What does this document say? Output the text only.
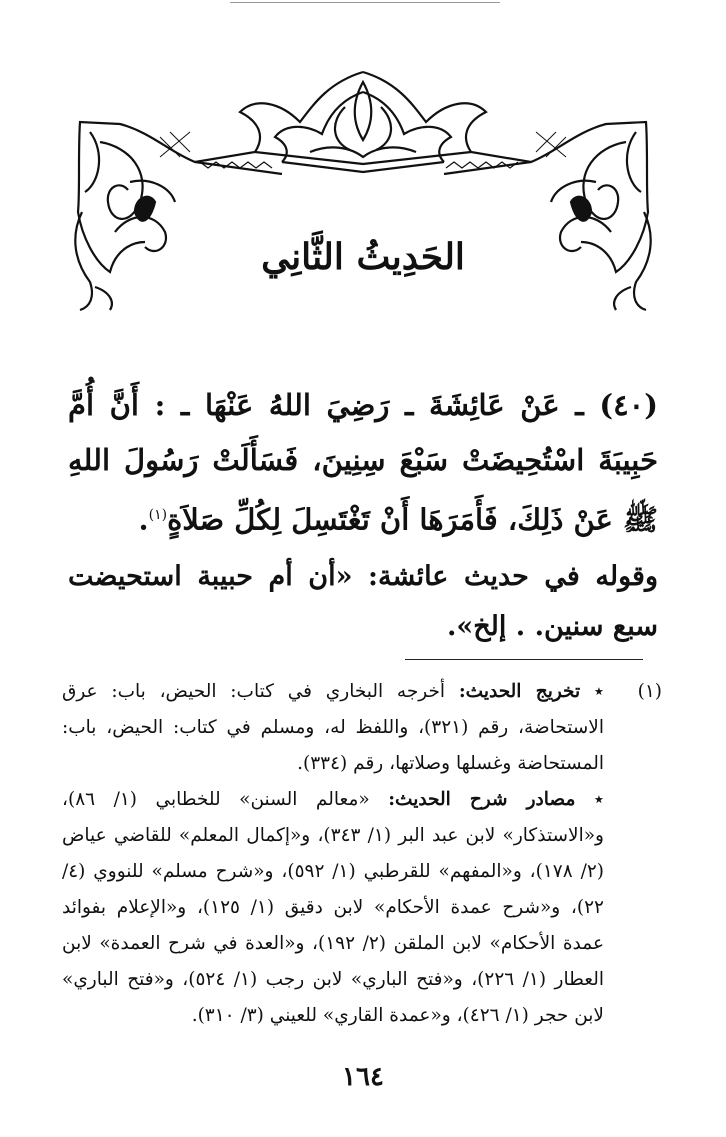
الحَدِيثُ الثَّانِي
(٤٠) ـ عَنْ عَائِشَةَ ـ رَضِيَ اللهُ عَنْهَا ـ : أَنَّ أُمَّ حَبِيبَةَ اسْتُحِيضَتْ سَبْعَ سِنِينَ، فَسَأَلَتْ رَسُولَ اللهِ ﷺ عَنْ ذَلِكَ، فَأَمَرَهَا أَنْ تَغْتَسِلَ لِكُلِّ صَلاَةٍ$^{(١)}$.
وقوله في حديث عائشة: «أن أم حبيبة استحيضت سبع سنين. . إلخ».
(١)
٭ تخريج الحديث: أخرجه البخاري في كتاب: الحيض، باب: عرق الاستحاضة، رقم (٣٢١)، واللفظ له، ومسلم في كتاب: الحيض، باب: المستحاضة وغسلها وصلاتها، رقم (٣٣٤).
٭ مصادر شرح الحديث: «معالم السنن» للخطابي (١/ ٨٦)، و«الاستذكار» لابن عبد البر (١/ ٣٤٣)، و«إكمال المعلم» للقاضي عياض (٢/ ١٧٨)، و«المفهم» للقرطبي (١/ ٥٩٢)، و«شرح مسلم» للنووي (٤/ ٢٢)، و«شرح عمدة الأحكام» لابن دقيق (١/ ١٢٥)، و«الإعلام بفوائد عمدة الأحكام» لابن الملقن (٢/ ١٩٢)، و«العدة في شرح العمدة» لابن العطار (١/ ٢٢٦)، و«فتح الباري» لابن رجب (١/ ٥٢٤)، و«فتح الباري» لابن حجر (١/ ٤٢٦)، و«عمدة القاري» للعيني (٣/ ٣١٠).
١٦٤
